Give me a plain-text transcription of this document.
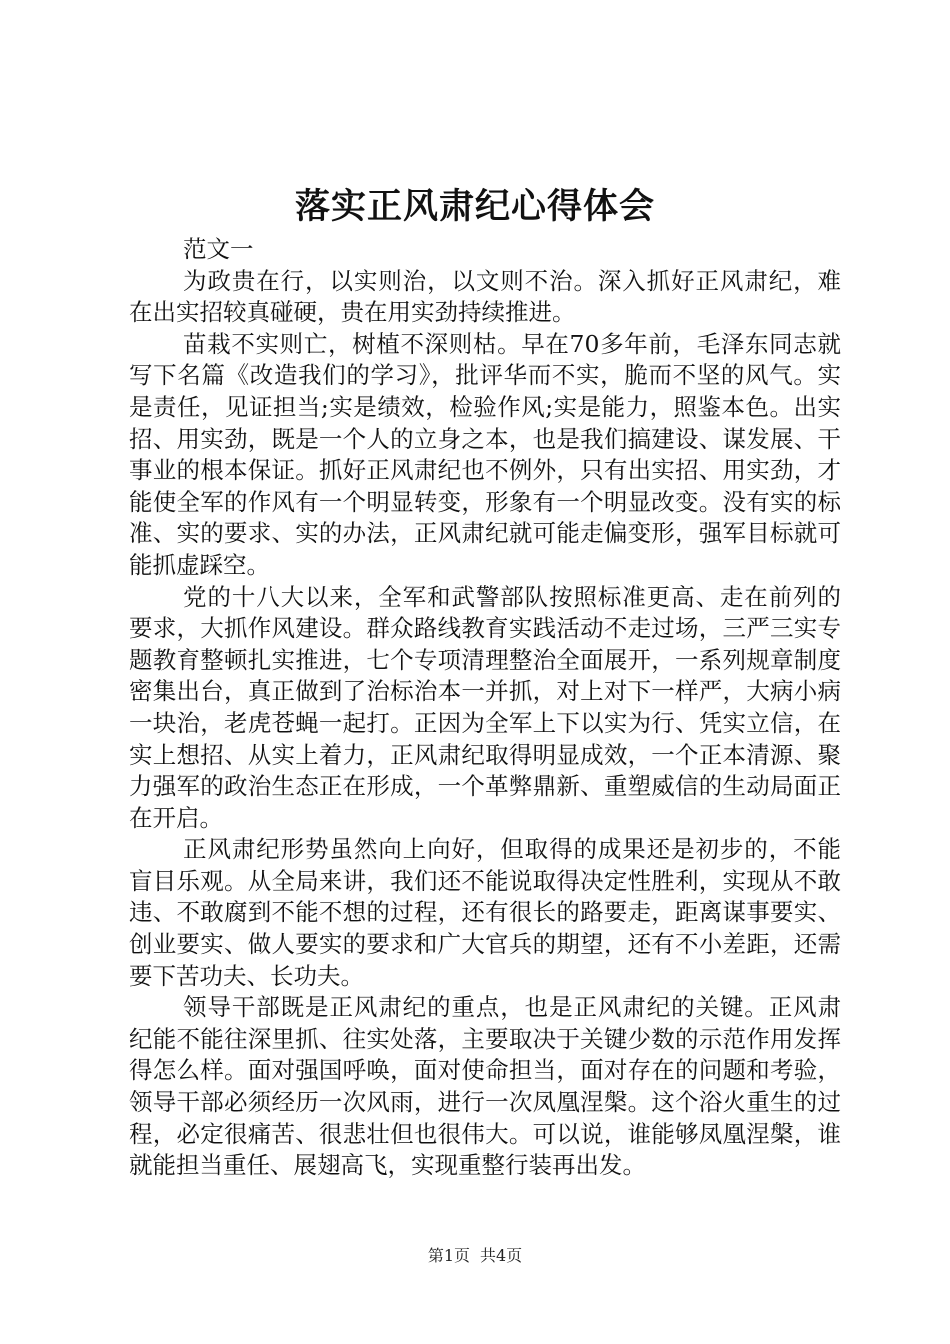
落实正风肃纪心得体会

范文一

为政贵在行，以实则治，以文则不治。深入抓好正风肃纪，难在出实招较真碰硬，贵在用实劲持续推进。

苗栽不实则亡，树植不深则枯。早在70多年前，毛泽东同志就写下名篇《改造我们的学习》，批评华而不实，脆而不坚的风气。实是责任，见证担当;实是绩效，检验作风;实是能力，照鉴本色。出实招、用实劲，既是一个人的立身之本，也是我们搞建设、谋发展、干事业的根本保证。抓好正风肃纪也不例外，只有出实招、用实劲，才能使全军的作风有一个明显转变，形象有一个明显改变。没有实的标准、实的要求、实的办法，正风肃纪就可能走偏变形，强军目标就可能抓虚踩空。

党的十八大以来，全军和武警部队按照标准更高、走在前列的要求，大抓作风建设。群众路线教育实践活动不走过场，三严三实专题教育整顿扎实推进，七个专项清理整治全面展开，一系列规章制度密集出台，真正做到了治标治本一并抓，对上对下一样严，大病小病一块治，老虎苍蝇一起打。正因为全军上下以实为行、凭实立信，在实上想招、从实上着力，正风肃纪取得明显成效，一个正本清源、聚力强军的政治生态正在形成，一个革弊鼎新、重塑威信的生动局面正在开启。

正风肃纪形势虽然向上向好，但取得的成果还是初步的，不能盲目乐观。从全局来讲，我们还不能说取得决定性胜利，实现从不敢违、不敢腐到不能不想的过程，还有很长的路要走，距离谋事要实、创业要实、做人要实的要求和广大官兵的期望，还有不小差距，还需要下苦功夫、长功夫。

领导干部既是正风肃纪的重点，也是正风肃纪的关键。正风肃纪能不能往深里抓、往实处落，主要取决于关键少数的示范作用发挥得怎么样。面对强国呼唤，面对使命担当，面对存在的问题和考验，领导干部必须经历一次风雨，进行一次凤凰涅槃。这个浴火重生的过程，必定很痛苦、很悲壮但也很伟大。可以说，谁能够凤凰涅槃，谁就能担当重任、展翅高飞，实现重整行装再出发。

第1页 共4页
